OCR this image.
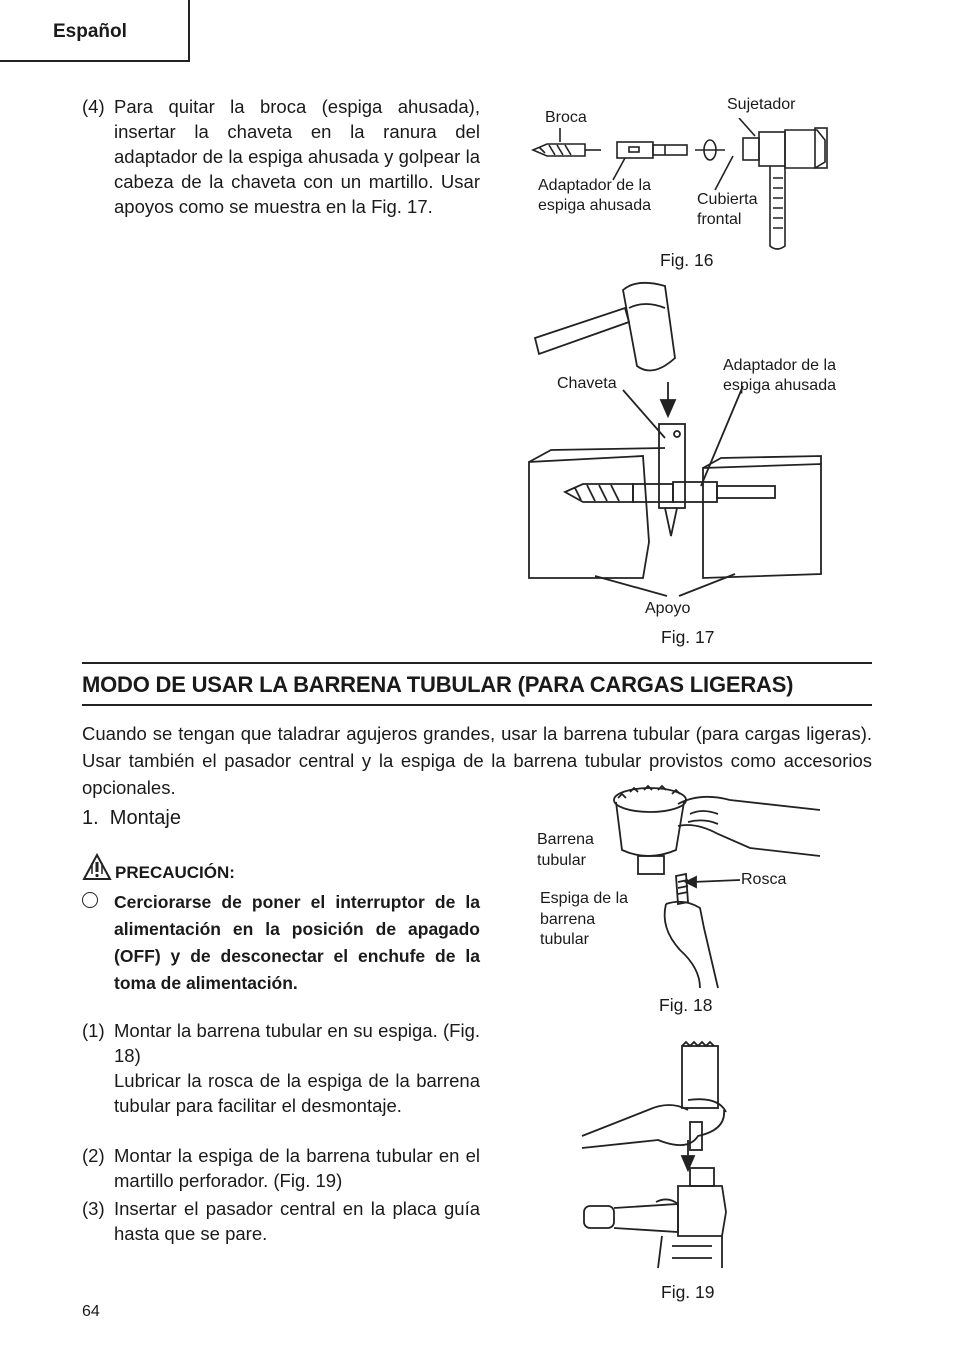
Español
(4) Para quitar la broca (espiga ahusada), insertar la chaveta en la ranura del adaptador de la espiga ahusada y golpear la cabeza de la chaveta con un martillo. Usar apoyos como se muestra en la Fig. 17.
Broca
Sujetador
Adaptador de la
espiga ahusada	Cubierta
frontal
Fig. 16
Chaveta
Adaptador de la
espiga ahusada
Apoyo
Fig. 17
MODO DE USAR LA BARRENA TUBULAR (PARA CARGAS LIGERAS)
Cuando se tengan que taladrar agujeros grandes, usar la barrena tubular (para cargas ligeras). Usar también el pasador central y la espiga de la barrena tubular provistos como accesorios opcionales.
1.  Montaje
PRECAUCIÓN:
Cerciorarse de poner el interruptor de la alimentación en la posición de apagado (OFF) y de desconectar el enchufe de la toma de alimentación.
(1) Montar la barrena tubular en su espiga. (Fig. 18)
Lubricar la rosca de la espiga de la barrena tubular para facilitar el desmontaje.
(2) Montar la espiga de la barrena tubular en el martillo perforador. (Fig. 19)
(3) Insertar el pasador central en la placa guía hasta que se pare.
Barrena
tubular
Rosca
Espiga de la
barrena
tubular
Fig. 18
Fig. 19
64
